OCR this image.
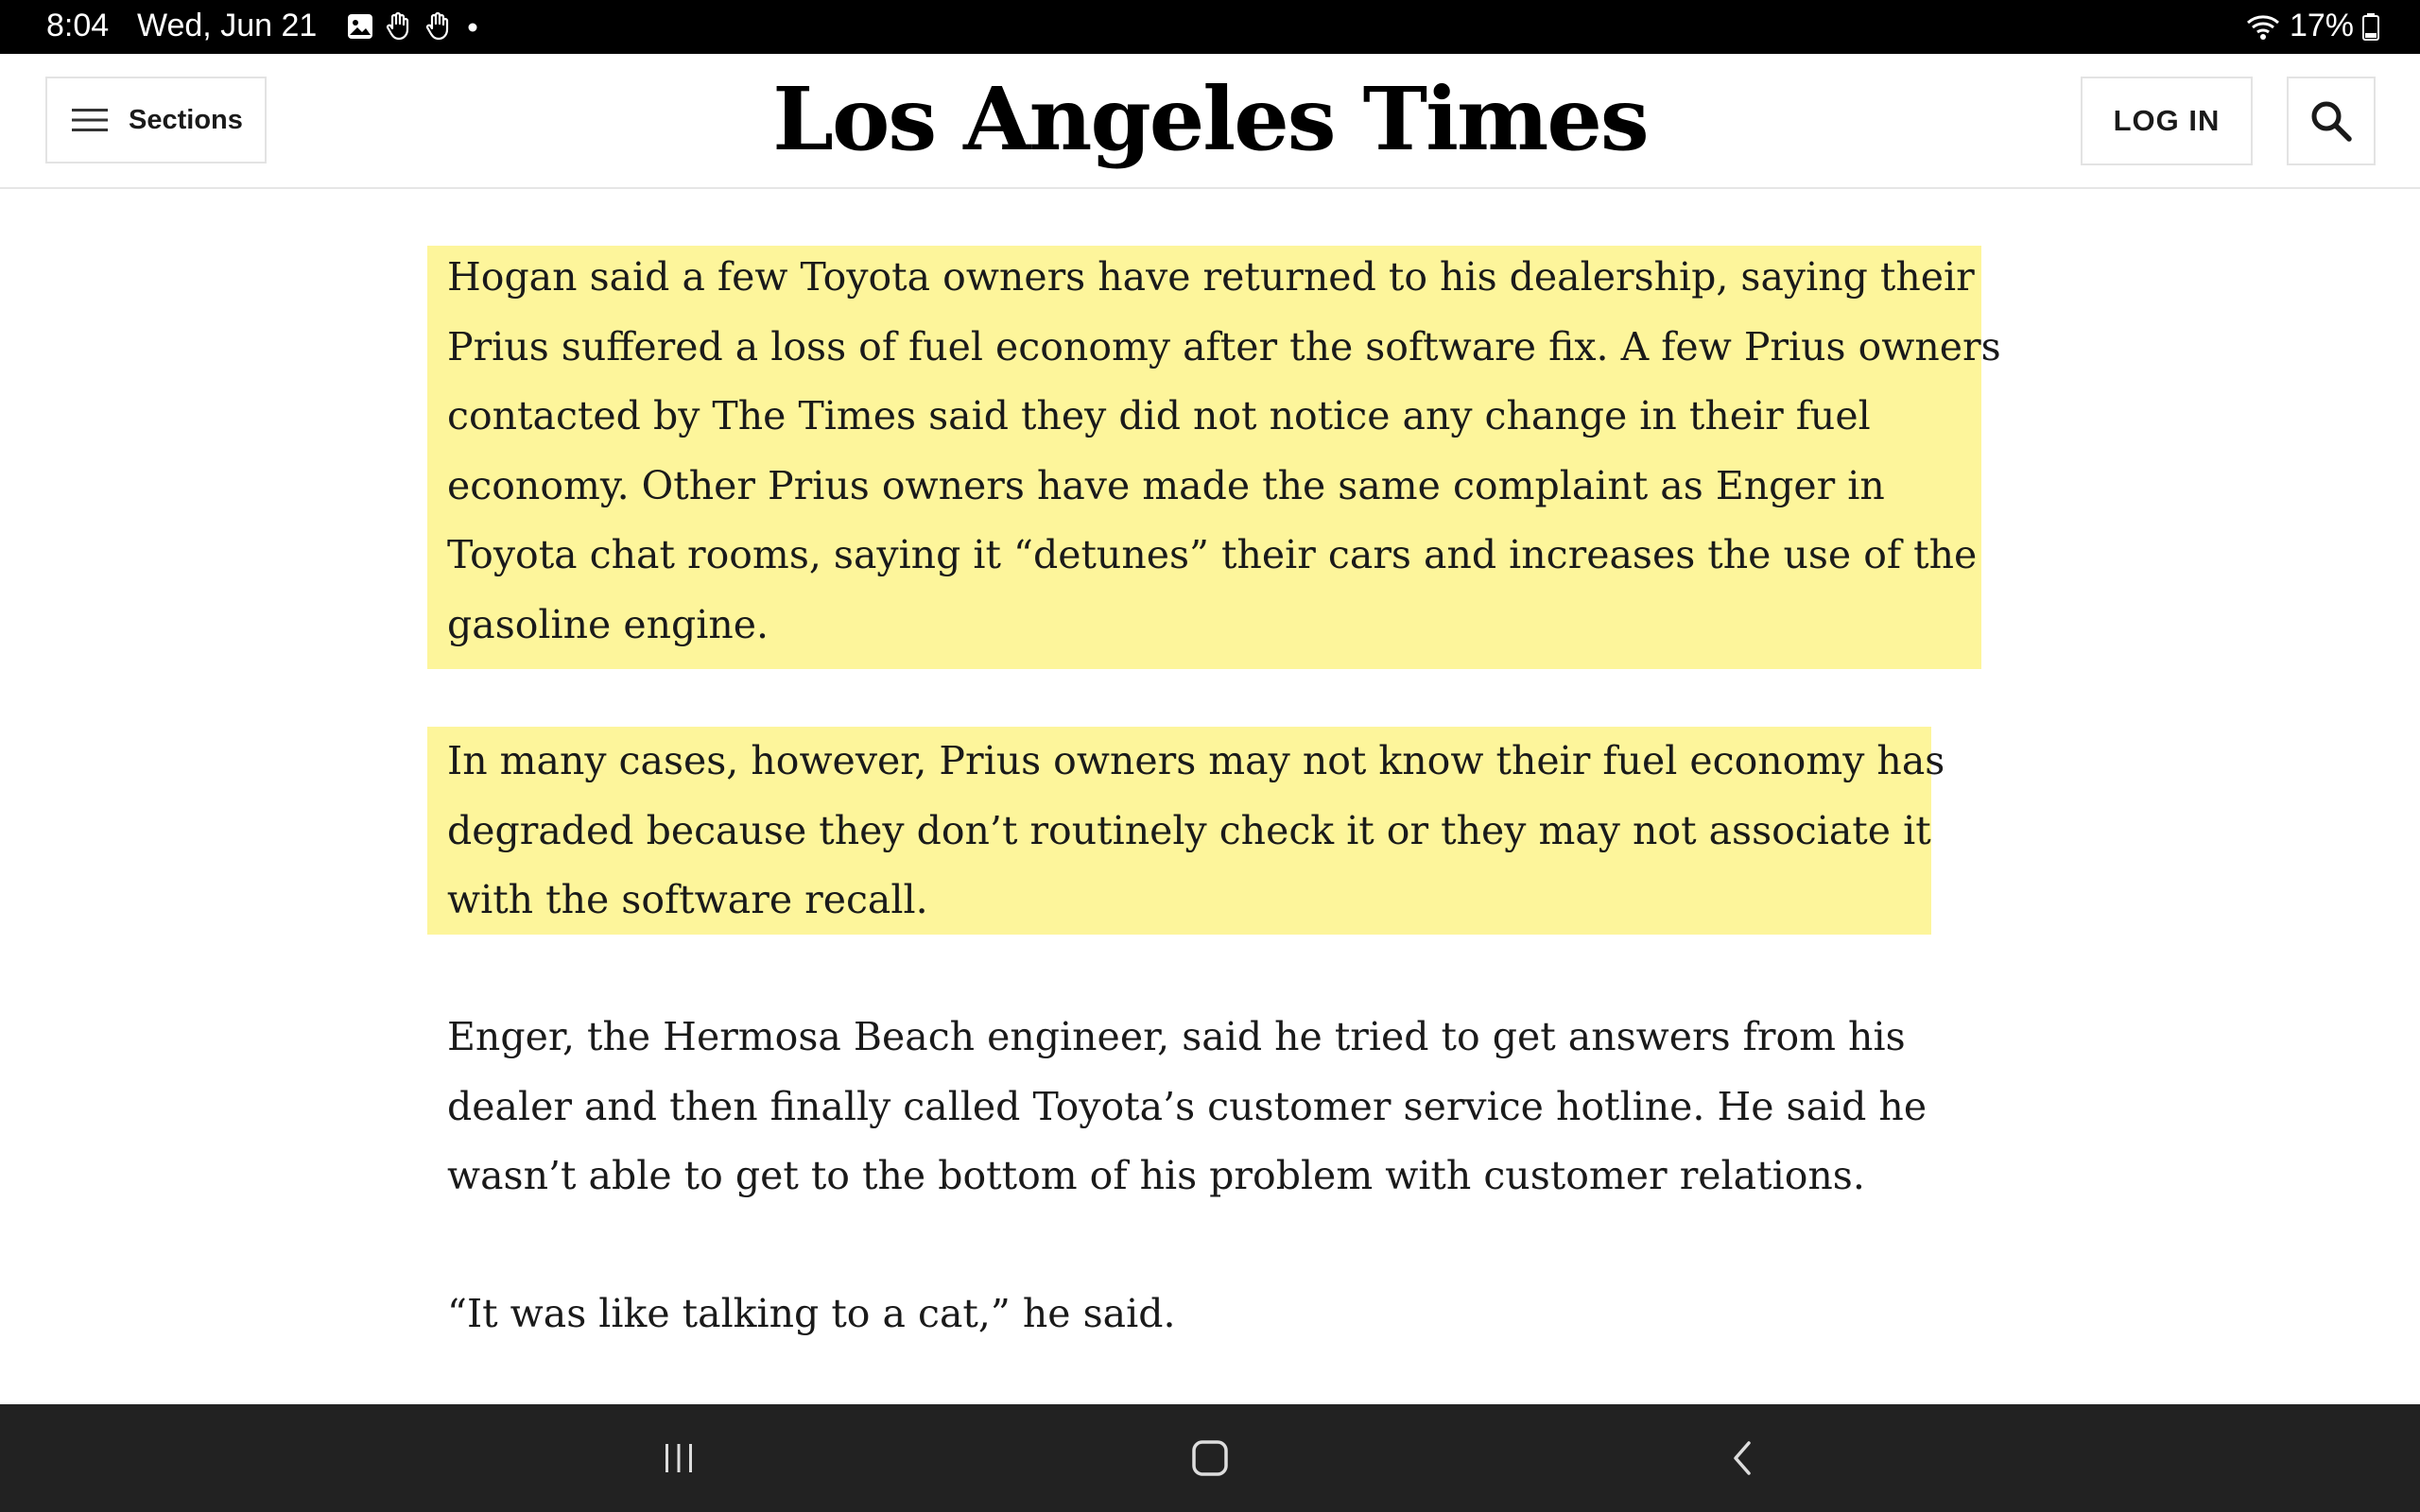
8:04 Wed, Jun 21	17%
Sections	Los Angeles Times	LOG IN

Hogan said a few Toyota owners have returned to his dealership, saying their
Prius suffered a loss of fuel economy after the software fix. A few Prius owners
contacted by The Times said they did not notice any change in their fuel
economy. Other Prius owners have made the same complaint as Enger in
Toyota chat rooms, saying it “detunes” their cars and increases the use of the
gasoline engine.

In many cases, however, Prius owners may not know their fuel economy has
degraded because they don’t routinely check it or they may not associate it
with the software recall.

Enger, the Hermosa Beach engineer, said he tried to get answers from his
dealer and then finally called Toyota’s customer service hotline. He said he
wasn’t able to get to the bottom of his problem with customer relations.

“It was like talking to a cat,” he said.
